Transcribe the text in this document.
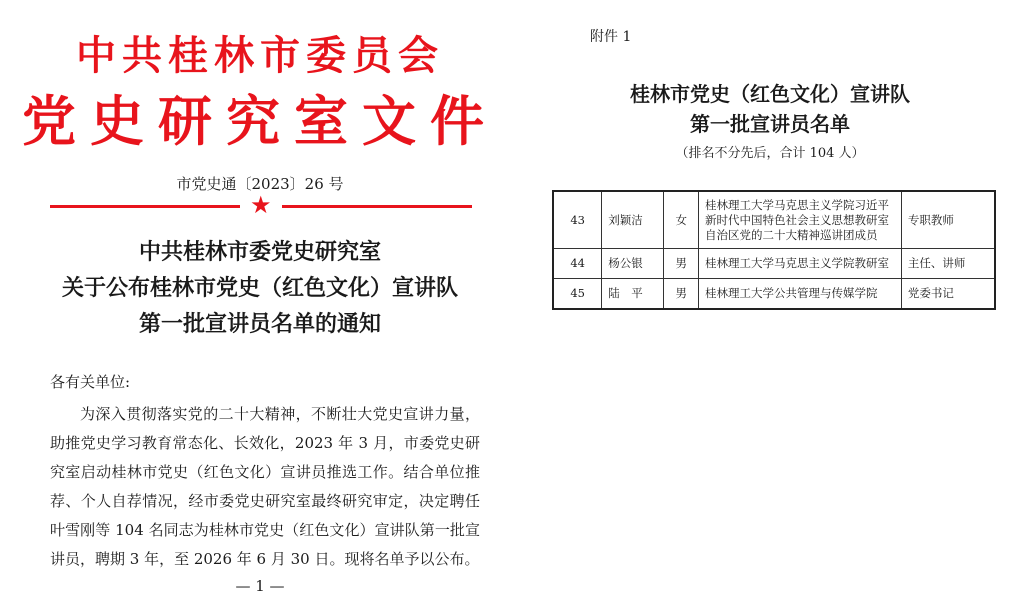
中共桂林市委员会
党史研究室文件
市党史通〔2023〕26 号
★
中共桂林市委党史研究室
关于公布桂林市党史（红色文化）宣讲队
第一批宣讲员名单的通知
各有关单位:
为深入贯彻落实党的二十大精神，不断壮大党史宣讲力量，助推党史学习教育常态化、长效化，2023 年 3 月，市委党史研究室启动桂林市党史（红色文化）宣讲员推选工作。结合单位推荐、个人自荐情况，经市委党史研究室最终研究审定，决定聘任叶雪刚等 104 名同志为桂林市党史（红色文化）宣讲队第一批宣讲员，聘期 3 年，至 2026 年 6 月 30 日。现将名单予以公布。
— 1 —
附件 1
桂林市党史（红色文化）宣讲队
第一批宣讲员名单
（排名不分先后，合计 104 人）
43	刘颖洁	女	桂林理工大学马克思主义学院习近平新时代中国特色社会主义思想教研室 自治区党的二十大精神巡讲团成员	专职教师
44	杨公银	男	桂林理工大学马克思主义学院教研室	主任、讲师
45	陆　平	男	桂林理工大学公共管理与传媒学院	党委书记
